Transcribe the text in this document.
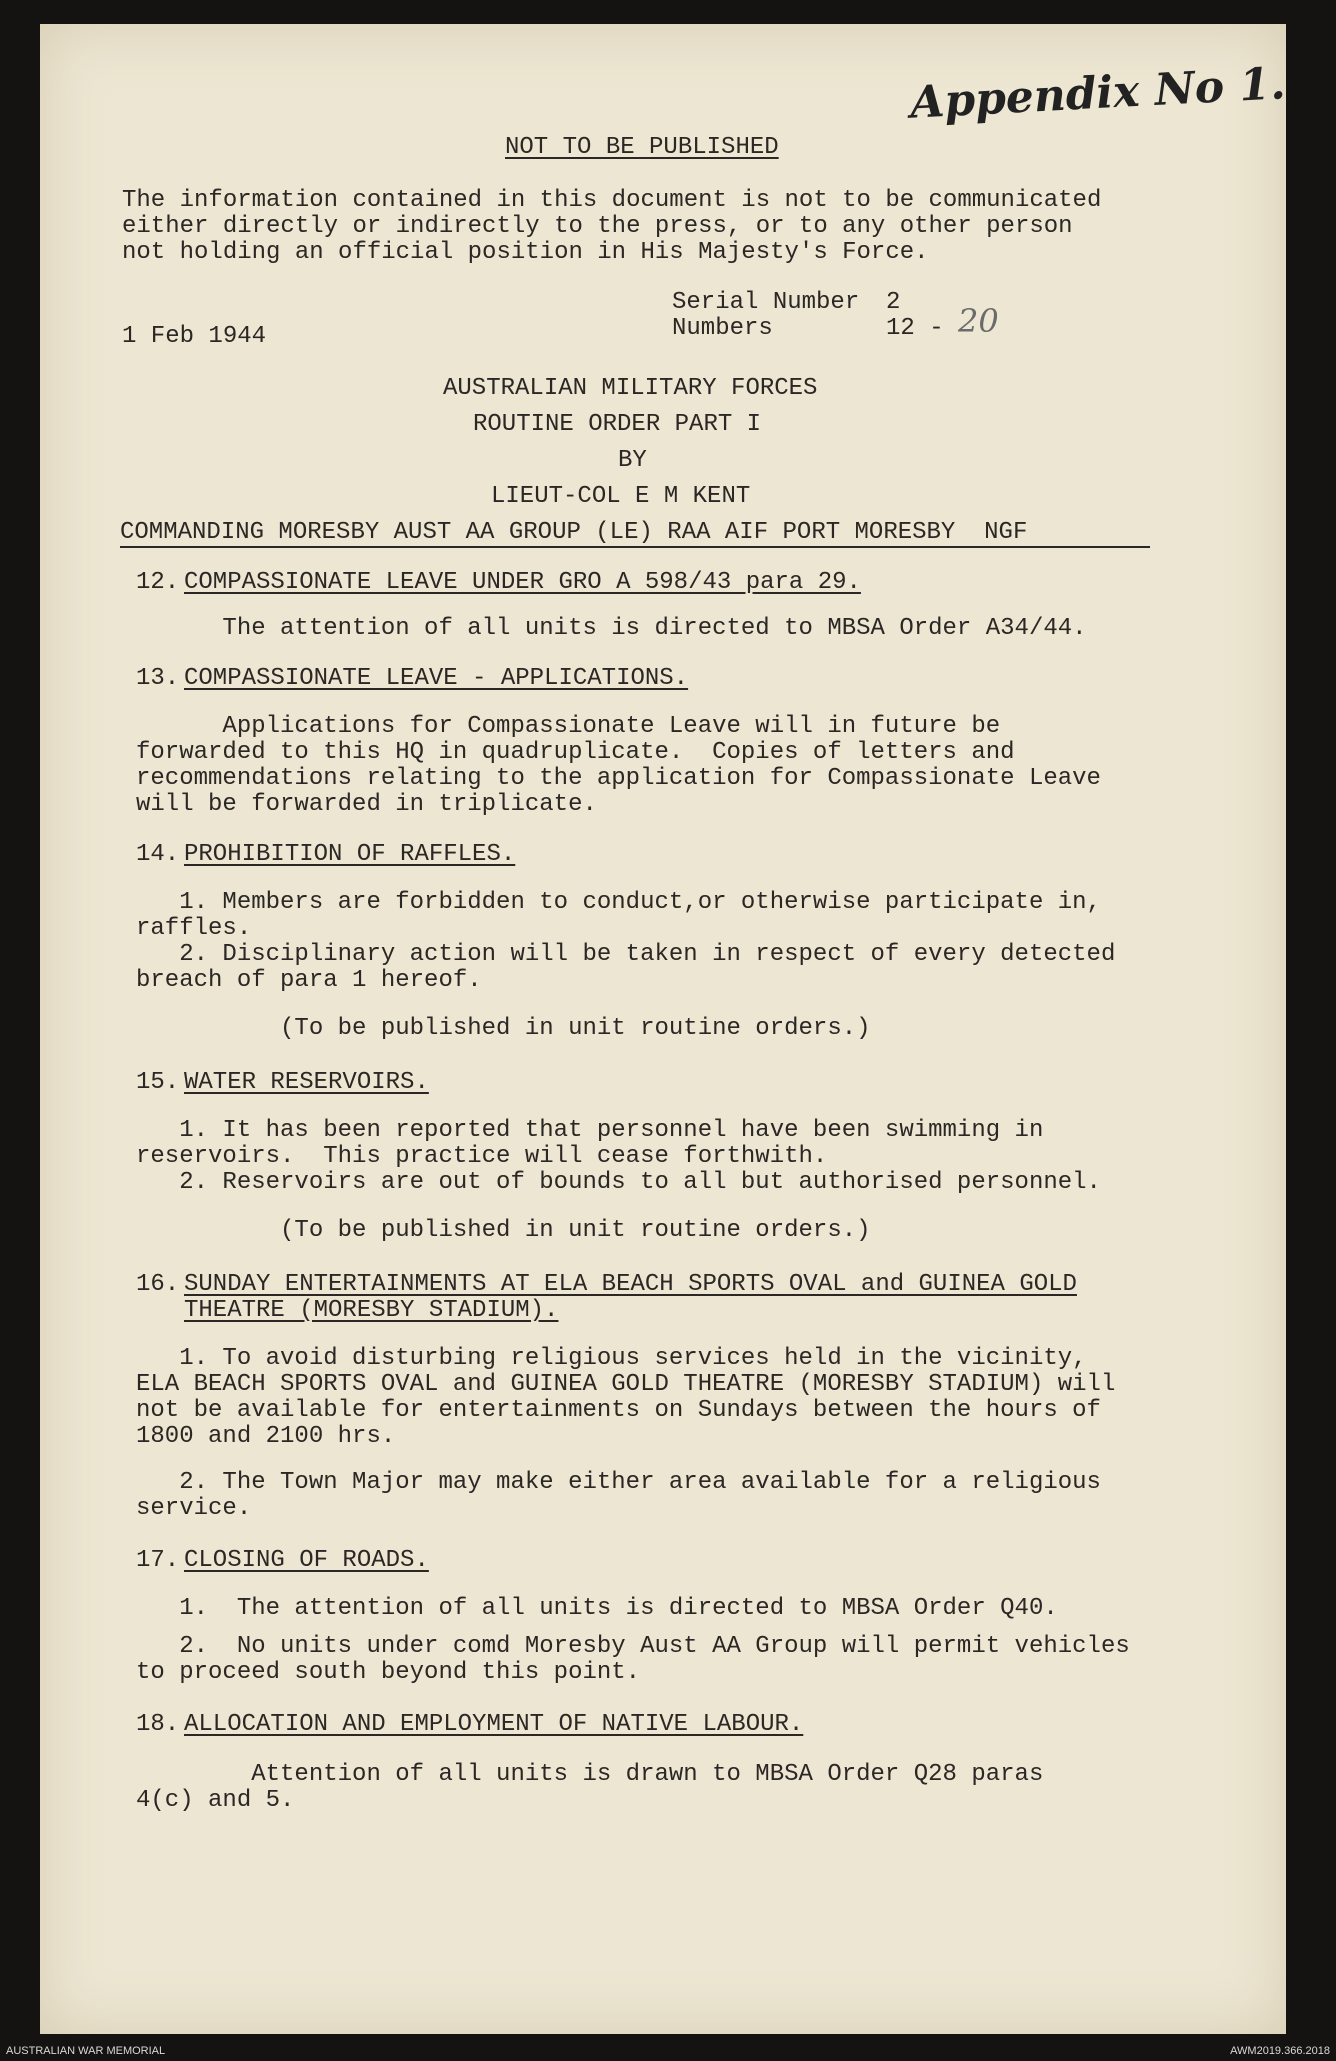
Appendix No 1.
NOT TO BE PUBLISHED
The information contained in this document is not to be communicated
either directly or indirectly to the press, or to any other person
not holding an official position in His Majesty's Force.
1 Feb 1944
Serial Number 2
Numbers	12 - 20
AUSTRALIAN MILITARY FORCES
ROUTINE ORDER PART I
BY
LIEUT-COL E M KENT
COMMANDING MORESBY AUST AA GROUP (LE) RAA AIF PORT MORESBY  NGF
12. COMPASSIONATE LEAVE UNDER GRO A 598/43 para 29.
The attention of all units is directed to MBSA Order A34/44.
13. COMPASSIONATE LEAVE - APPLICATIONS.
Applications for Compassionate Leave will in future be
forwarded to this HQ in quadruplicate.  Copies of letters and
recommendations relating to the application for Compassionate Leave
will be forwarded in triplicate.
14. PROHIBITION OF RAFFLES.
1. Members are forbidden to conduct,or otherwise participate in,
raffles.
2. Disciplinary action will be taken in respect of every detected
breach of para 1 hereof.
(To be published in unit routine orders.)
15. WATER RESERVOIRS.
1. It has been reported that personnel have been swimming in
reservoirs.  This practice will cease forthwith.
2. Reservoirs are out of bounds to all but authorised personnel.
(To be published in unit routine orders.)
16. SUNDAY ENTERTAINMENTS AT ELA BEACH SPORTS OVAL and GUINEA GOLD
THEATRE (MORESBY STADIUM).
1. To avoid disturbing religious services held in the vicinity,
ELA BEACH SPORTS OVAL and GUINEA GOLD THEATRE (MORESBY STADIUM) will
not be available for entertainments on Sundays between the hours of
1800 and 2100 hrs.
2. The Town Major may make either area available for a religious
service.
17. CLOSING OF ROADS.
1.  The attention of all units is directed to MBSA Order Q40.
2.  No units under comd Moresby Aust AA Group will permit vehicles
to proceed south beyond this point.
18. ALLOCATION AND EMPLOYMENT OF NATIVE LABOUR.
Attention of all units is drawn to MBSA Order Q28 paras
4(c) and 5.
AUSTRALIAN WAR MEMORIAL	AWM2019.366.2018
